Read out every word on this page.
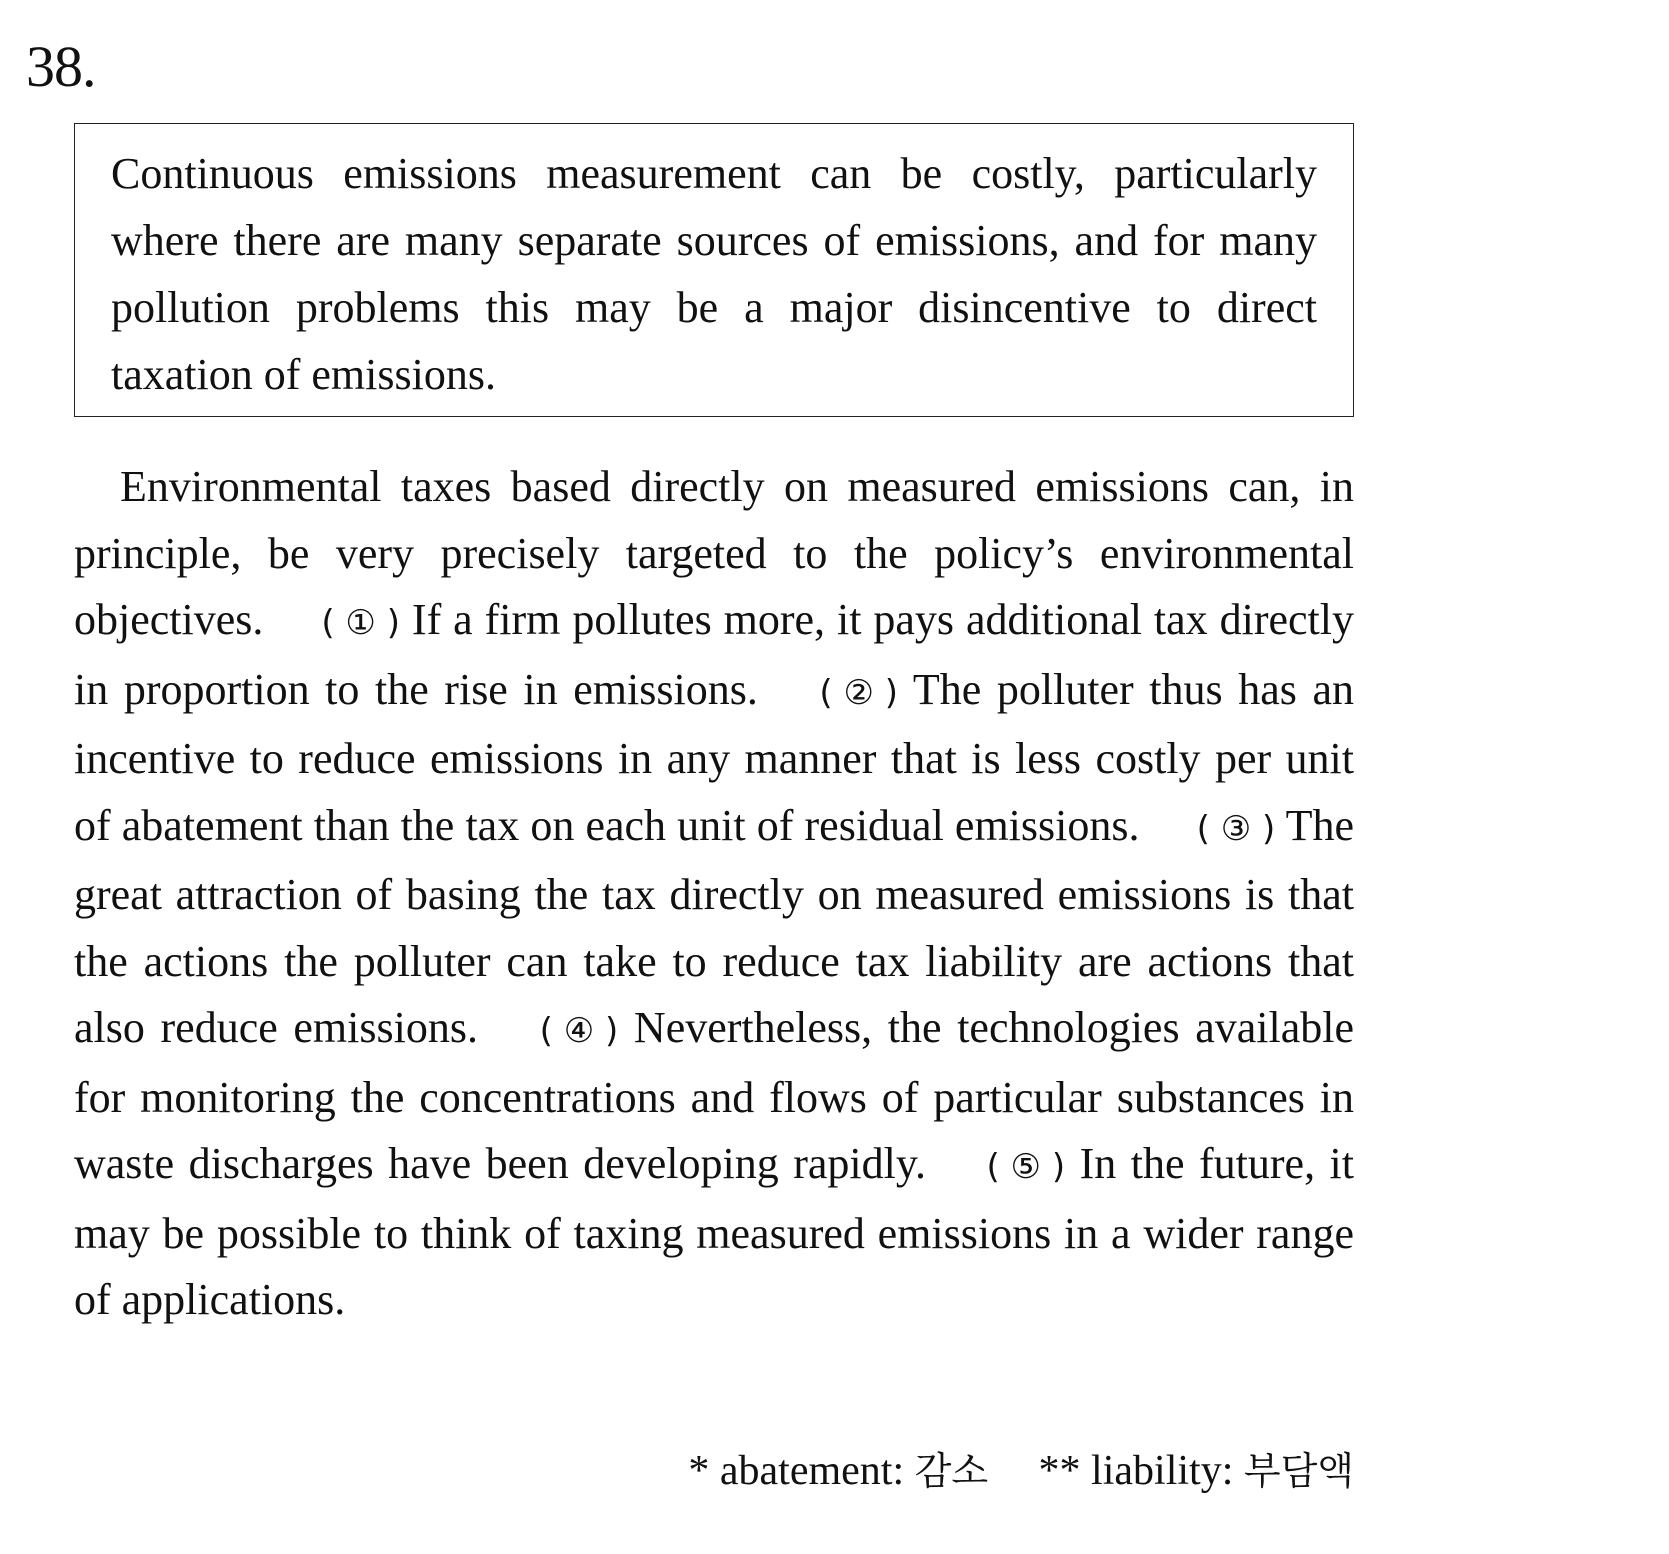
38.

Continuous emissions measurement can be costly, particularly where there are many separate sources of emissions, and for many pollution problems this may be a major disincentive to direct taxation of emissions.

Environmental taxes based directly on measured emissions can, in principle, be very precisely targeted to the policy’s environmental objectives. ( ① ) If a firm pollutes more, it pays additional tax directly in proportion to the rise in emissions. ( ② ) The polluter thus has an incentive to reduce emissions in any manner that is less costly per unit of abatement than the tax on each unit of residual emissions. ( ③ ) The great attraction of basing the tax directly on measured emissions is that the actions the polluter can take to reduce tax liability are actions that also reduce emissions. ( ④ ) Nevertheless, the technologies available for monitoring the concentrations and flows of particular substances in waste discharges have been developing rapidly. ( ⑤ ) In the future, it may be possible to think of taxing measured emissions in a wider range of applications.

* abatement: 감소 ** liability: 부담액
